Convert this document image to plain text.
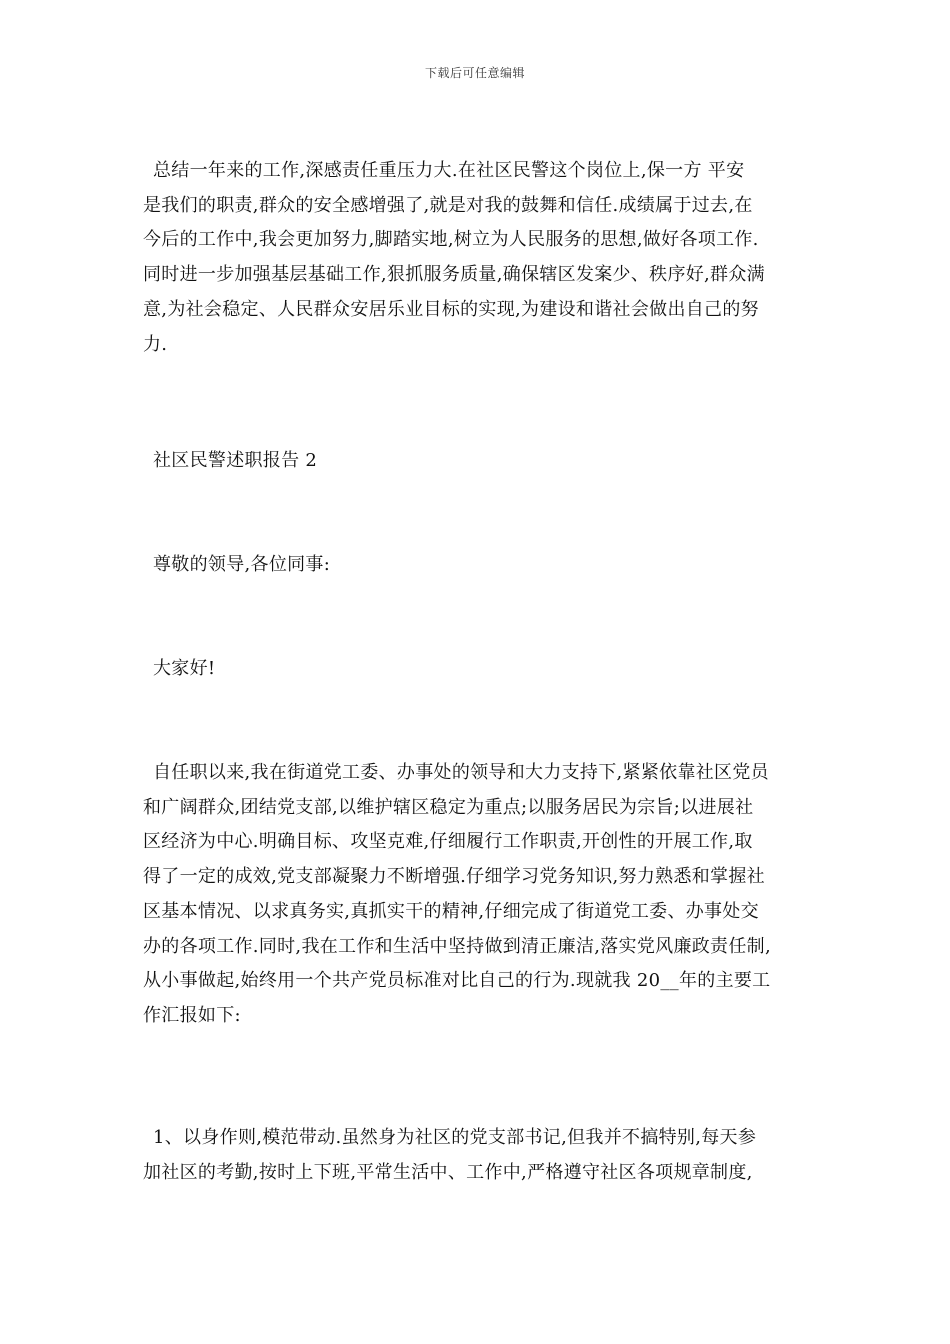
下载后可任意编辑
总结一年来的工作,深感责任重压力大.在社区民警这个岗位上,保一方 平安
是我们的职责,群众的安全感增强了,就是对我的鼓舞和信任.成绩属于过去,在
今后的工作中,我会更加努力,脚踏实地,树立为人民服务的思想,做好各项工作.
同时进一步加强基层基础工作,狠抓服务质量,确保辖区发案少、秩序好,群众满
意,为社会稳定、人民群众安居乐业目标的实现,为建设和谐社会做出自己的努
力.
社区民警述职报告 2
尊敬的领导,各位同事:
大家好!
自任职以来,我在街道党工委、办事处的领导和大力支持下,紧紧依靠社区党员
和广阔群众,团结党支部,以维护辖区稳定为重点;以服务居民为宗旨;以进展社
区经济为中心.明确目标、攻坚克难,仔细履行工作职责,开创性的开展工作,取
得了一定的成效,党支部凝聚力不断增强.仔细学习党务知识,努力熟悉和掌握社
区基本情况、以求真务实,真抓实干的精神,仔细完成了街道党工委、办事处交
办的各项工作.同时,我在工作和生活中坚持做到清正廉洁,落实党风廉政责任制,
从小事做起,始终用一个共产党员标准对比自己的行为.现就我 20__年的主要工
作汇报如下:
1、以身作则,模范带动.虽然身为社区的党支部书记,但我并不搞特别,每天参
加社区的考勤,按时上下班,平常生活中、工作中,严格遵守社区各项规章制度,
